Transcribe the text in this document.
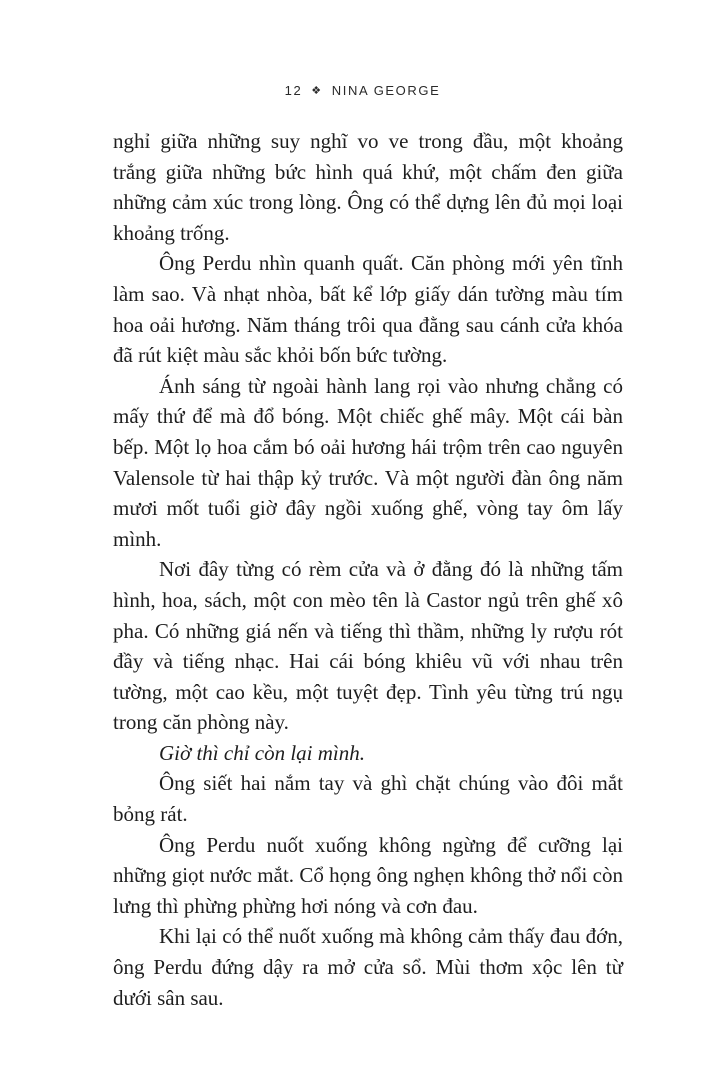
12 ❖ NINA GEORGE

nghỉ giữa những suy nghĩ vo ve trong đầu, một khoảng trắng giữa những bức hình quá khứ, một chấm đen giữa những cảm xúc trong lòng. Ông có thể dựng lên đủ mọi loại khoảng trống.

Ông Perdu nhìn quanh quất. Căn phòng mới yên tĩnh làm sao. Và nhạt nhòa, bất kể lớp giấy dán tường màu tím hoa oải hương. Năm tháng trôi qua đằng sau cánh cửa khóa đã rút kiệt màu sắc khỏi bốn bức tường.

Ánh sáng từ ngoài hành lang rọi vào nhưng chẳng có mấy thứ để mà đổ bóng. Một chiếc ghế mây. Một cái bàn bếp. Một lọ hoa cắm bó oải hương hái trộm trên cao nguyên Valensole từ hai thập kỷ trước. Và một người đàn ông năm mươi mốt tuổi giờ đây ngồi xuống ghế, vòng tay ôm lấy mình.

Nơi đây từng có rèm cửa và ở đằng đó là những tấm hình, hoa, sách, một con mèo tên là Castor ngủ trên ghế xô pha. Có những giá nến và tiếng thì thầm, những ly rượu rót đầy và tiếng nhạc. Hai cái bóng khiêu vũ với nhau trên tường, một cao kều, một tuyệt đẹp. Tình yêu từng trú ngụ trong căn phòng này.

Giờ thì chỉ còn lại mình.

Ông siết hai nắm tay và ghì chặt chúng vào đôi mắt bỏng rát.

Ông Perdu nuốt xuống không ngừng để cưỡng lại những giọt nước mắt. Cổ họng ông nghẹn không thở nổi còn lưng thì phừng phừng hơi nóng và cơn đau.

Khi lại có thể nuốt xuống mà không cảm thấy đau đớn, ông Perdu đứng dậy ra mở cửa sổ. Mùi thơm xộc lên từ dưới sân sau.
